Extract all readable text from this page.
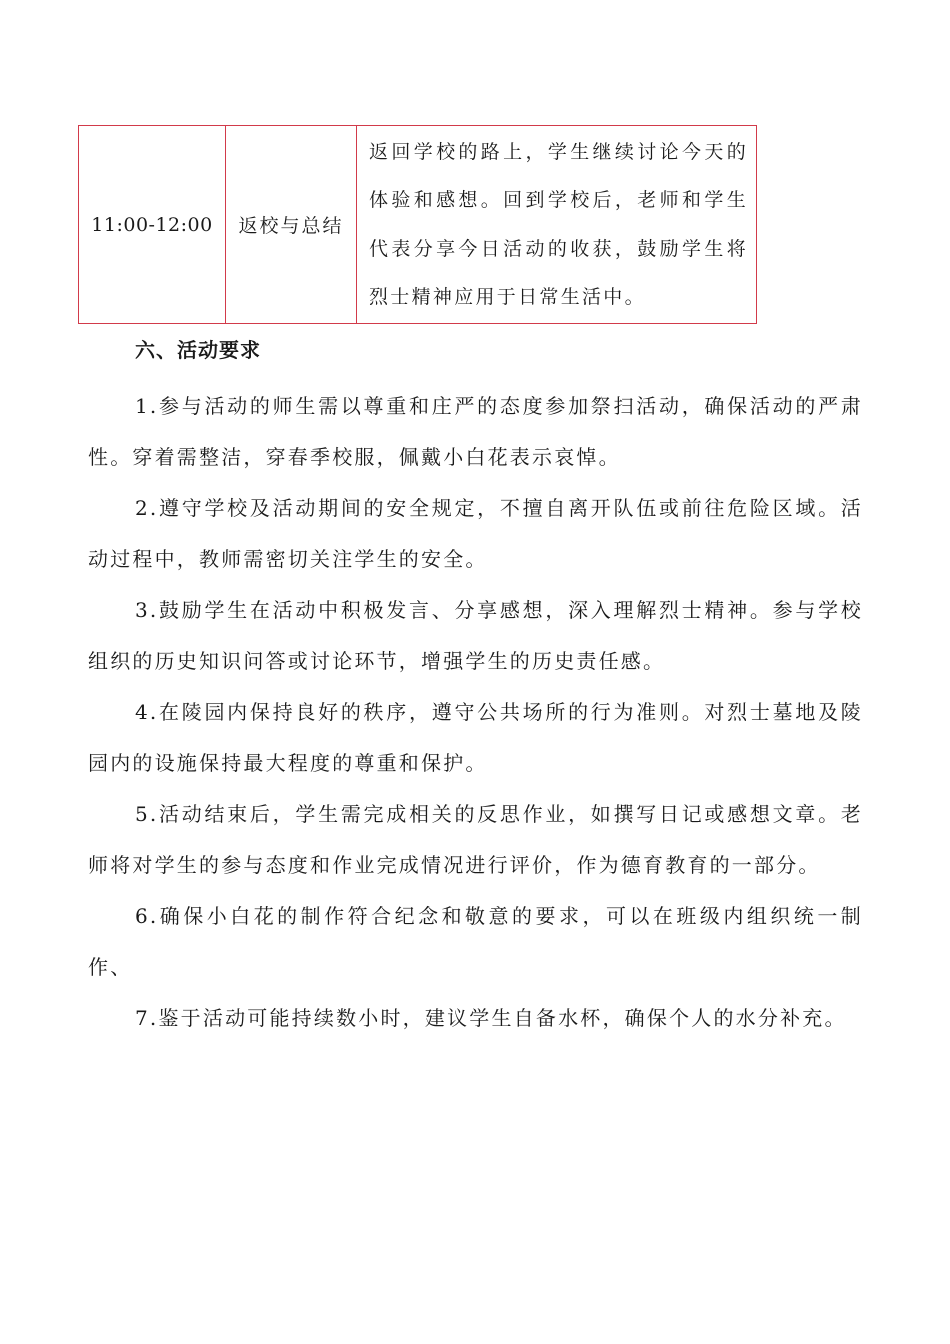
11:00-12:00	返校与总结	返回学校的路上，学生继续讨论今天的体验和感想。回到学校后，老师和学生代表分享今日活动的收获，鼓励学生将烈士精神应用于日常生活中。
六、活动要求
1.参与活动的师生需以尊重和庄严的态度参加祭扫活动，确保活动的严肃性。穿着需整洁，穿春季校服，佩戴小白花表示哀悼。
2.遵守学校及活动期间的安全规定，不擅自离开队伍或前往危险区域。活动过程中，教师需密切关注学生的安全。
3.鼓励学生在活动中积极发言、分享感想，深入理解烈士精神。参与学校组织的历史知识问答或讨论环节，增强学生的历史责任感。
4.在陵园内保持良好的秩序，遵守公共场所的行为准则。对烈士墓地及陵园内的设施保持最大程度的尊重和保护。
5.活动结束后，学生需完成相关的反思作业，如撰写日记或感想文章。老师将对学生的参与态度和作业完成情况进行评价，作为德育教育的一部分。
6.确保小白花的制作符合纪念和敬意的要求，可以在班级内组织统一制作、
7.鉴于活动可能持续数小时，建议学生自备水杯，确保个人的水分补充。
